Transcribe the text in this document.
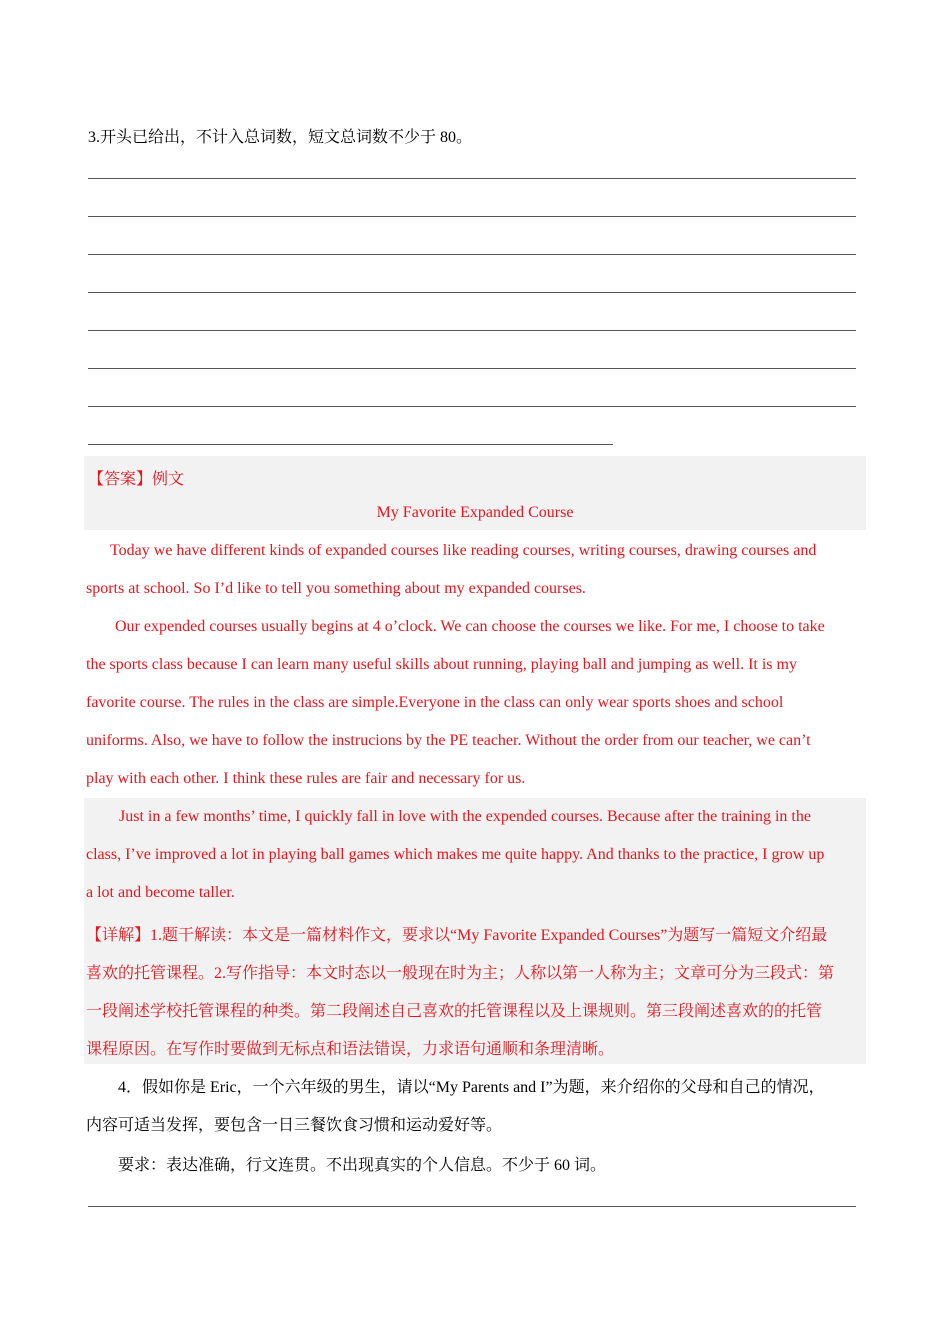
3.开头已给出，不计入总词数，短文总词数不少于 80。
【答案】例文
My Favorite Expanded Course
Today we have different kinds of expanded courses like reading courses, writing courses, drawing courses and
sports at school. So I’d like to tell you something about my expanded courses.
Our expended courses usually begins at 4 o’clock. We can choose the courses we like. For me, I choose to take
the sports class because I can learn many useful skills about running, playing ball and jumping as well. It is my
favorite course. The rules in the class are simple.Everyone in the class can only wear sports shoes and school
uniforms. Also, we have to follow the instrucions by the PE teacher. Without the order from our teacher, we can’t
play with each other. I think these rules are fair and necessary for us.
Just in a few months’ time, I quickly fall in love with the expended courses. Because after the training in the
class, I’ve improved a lot in playing ball games which makes me quite happy. And thanks to the practice, I grow up
a lot and become taller.
【详解】1.题干解读：本文是一篇材料作文，要求以“My Favorite Expanded Courses”为题写一篇短文介绍最
喜欢的托管课程。2.写作指导：本文时态以一般现在时为主；人称以第一人称为主；文章可分为三段式：第
一段阐述学校托管课程的种类。第二段阐述自己喜欢的托管课程以及上课规则。第三段阐述喜欢的的托管
课程原因。在写作时要做到无标点和语法错误，力求语句通顺和条理清晰。
4．假如你是 Eric，一个六年级的男生，请以“My Parents and I”为题，来介绍你的父母和自己的情况，
内容可适当发挥，要包含一日三餐饮食习惯和运动爱好等。
要求：表达准确，行文连贯。不出现真实的个人信息。不少于 60 词。
